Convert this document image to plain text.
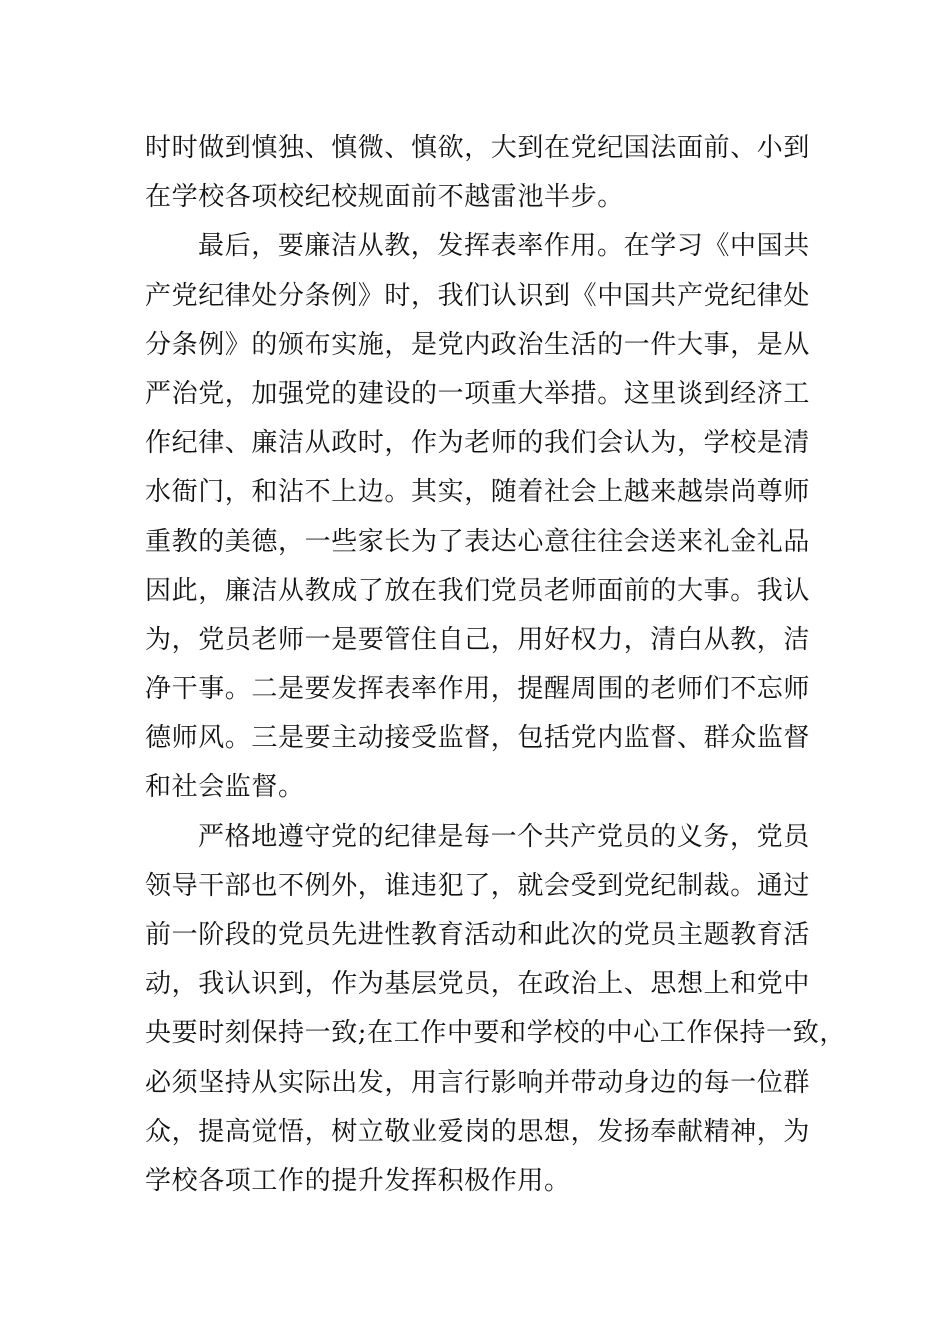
时时做到慎独、慎微、慎欲，大到在党纪国法面前、小到
在学校各项校纪校规面前不越雷池半步。
最后，要廉洁从教，发挥表率作用。在学习《中国共
产党纪律处分条例》时，我们认识到《中国共产党纪律处
分条例》的颁布实施，是党内政治生活的一件大事，是从
严治党，加强党的建设的一项重大举措。这里谈到经济工
作纪律、廉洁从政时，作为老师的我们会认为，学校是清
水衙门，和沾不上边。其实，随着社会上越来越崇尚尊师
重教的美德，一些家长为了表达心意往往会送来礼金礼品
因此，廉洁从教成了放在我们党员老师面前的大事。我认
为，党员老师一是要管住自己，用好权力，清白从教，洁
净干事。二是要发挥表率作用，提醒周围的老师们不忘师
德师风。三是要主动接受监督，包括党内监督、群众监督
和社会监督。
严格地遵守党的纪律是每一个共产党员的义务，党员
领导干部也不例外，谁违犯了，就会受到党纪制裁。通过
前一阶段的党员先进性教育活动和此次的党员主题教育活
动，我认识到，作为基层党员，在政治上、思想上和党中
央要时刻保持一致;在工作中要和学校的中心工作保持一致，
必须坚持从实际出发，用言行影响并带动身边的每一位群
众，提高觉悟，树立敬业爱岗的思想，发扬奉献精神，为
学校各项工作的提升发挥积极作用。
